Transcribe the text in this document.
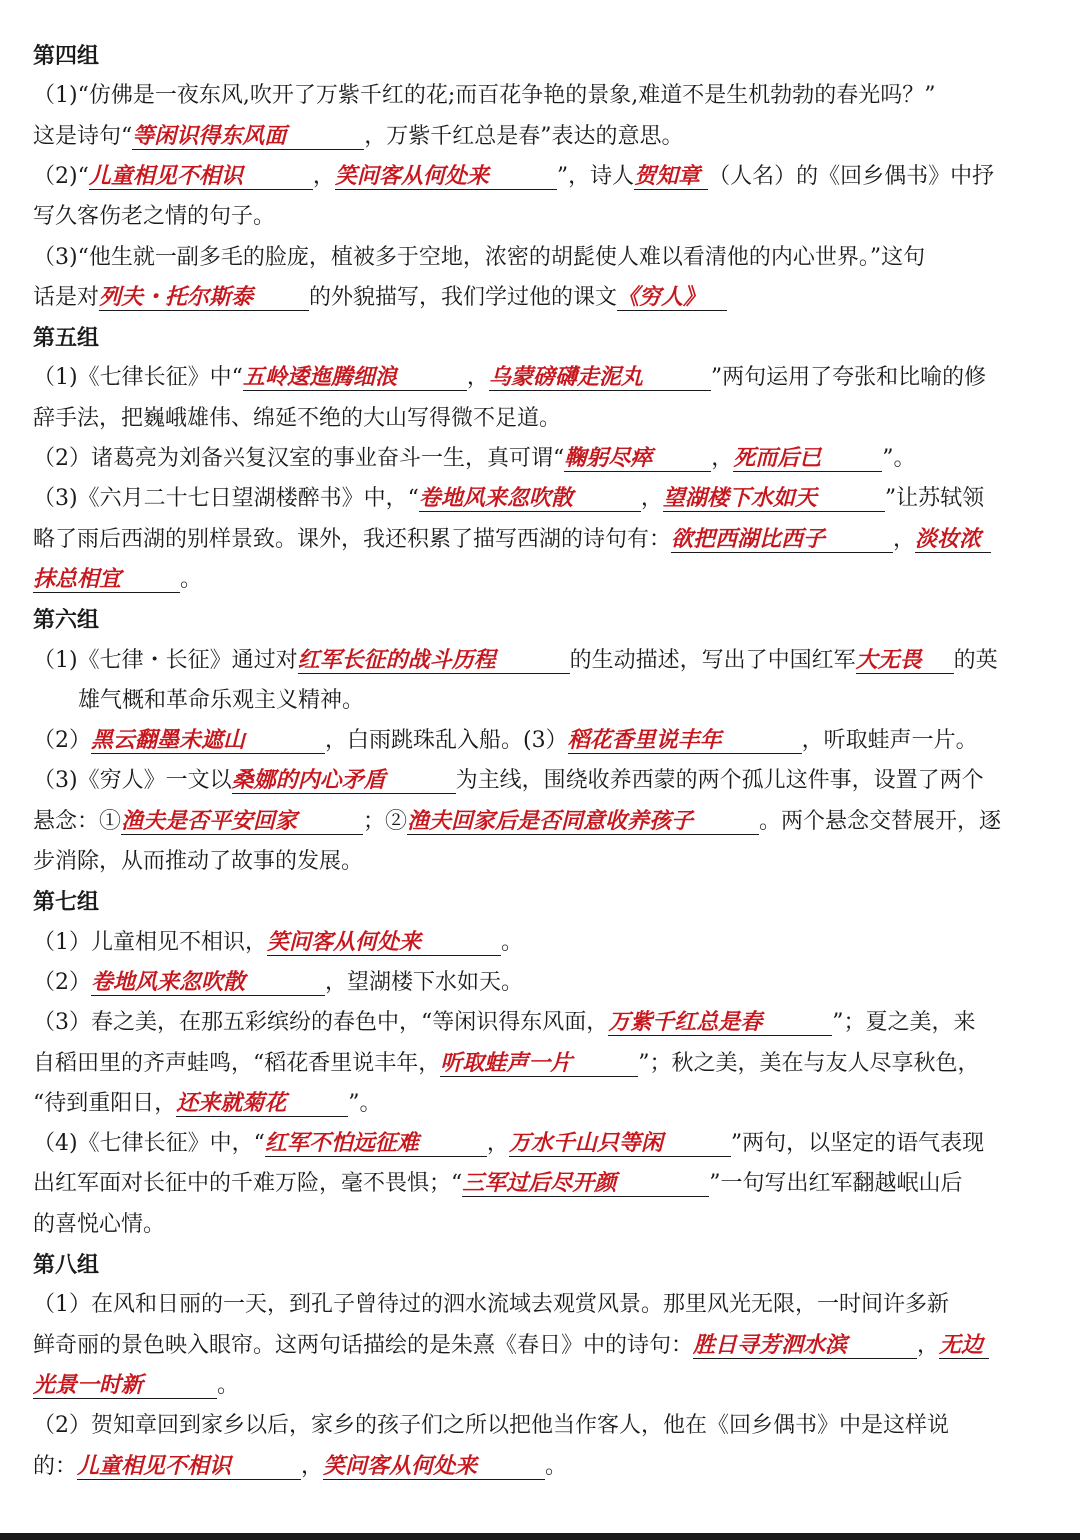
第四组
（1)“仿佛是一夜东风,吹开了万紫千红的花;而百花争艳的景象,难道不是生机勃勃的春光吗？”
这是诗句“等闲识得东风面	，万紫千红总是春”表达的意思。
（2)“儿童相见不相识	，笑问客从何处来	”，诗人贺知章 （人名）的《回乡偶书》中抒
写久客伤老之情的句子。
（3)“他生就一副多毛的脸庞，植被多于空地，浓密的胡髭使人难以看清他的内心世界。”这句
话是对列夫・托尔斯泰	的外貌描写，我们学过他的课文《穷人》
第五组
（1)《七律长征》中“五岭逶迤腾细浪	，乌蒙磅礴走泥丸	”两句运用了夸张和比喻的修
辞手法，把巍峨雄伟、绵延不绝的大山写得微不足道。
（2）诸葛亮为刘备兴复汉室的事业奋斗一生，真可谓“鞠躬尽瘁	，死而后已	”。
（3)《六月二十七日望湖楼醉书》中，“卷地风来忽吹散	，望湖楼下水如天	”让苏轼领
略了雨后西湖的别样景致。课外，我还积累了描写西湖的诗句有：欲把西湖比西子	，淡妆浓
抹总相宜	。
第六组
（1)《七律・长征》通过对红军长征的战斗历程	的生动描述，写出了中国红军大无畏 的英
雄气概和革命乐观主义精神。
（2）黑云翻墨未遮山	，白雨跳珠乱入船。(3）稻花香里说丰年	，听取蛙声一片。
（3)《穷人》一文以桑娜的内心矛盾	为主线，围绕收养西蒙的两个孤儿这件事，设置了两个
悬念：①渔夫是否平安回家	；②渔夫回家后是否同意收养孩子	。两个悬念交替展开，逐
步消除，从而推动了故事的发展。
第七组
（1）儿童相见不相识，笑问客从何处来	。
（2）卷地风来忽吹散	，望湖楼下水如天。
（3）春之美，在那五彩缤纷的春色中，“等闲识得东风面，万紫千红总是春	”；夏之美，来
自稻田里的齐声蛙鸣，“稻花香里说丰年，听取蛙声一片	”；秋之美，美在与友人尽享秋色，
“待到重阳日，还来就菊花	”。
（4)《七律长征》中，“红军不怕远征难	，万水千山只等闲	”两句，以坚定的语气表现
出红军面对长征中的千难万险，毫不畏惧；“三军过后尽开颜	”一句写出红军翻越岷山后
的喜悦心情。
第八组
（1）在风和日丽的一天，到孔子曾待过的泗水流域去观赏风景。那里风光无限，一时间许多新
鲜奇丽的景色映入眼帘。这两句话描绘的是朱熹《春日》中的诗句：胜日寻芳泗水滨	，无边
光景一时新	。
（2）贺知章回到家乡以后，家乡的孩子们之所以把他当作客人，他在《回乡偶书》中是这样说
的：儿童相见不相识	，笑问客从何处来	。
